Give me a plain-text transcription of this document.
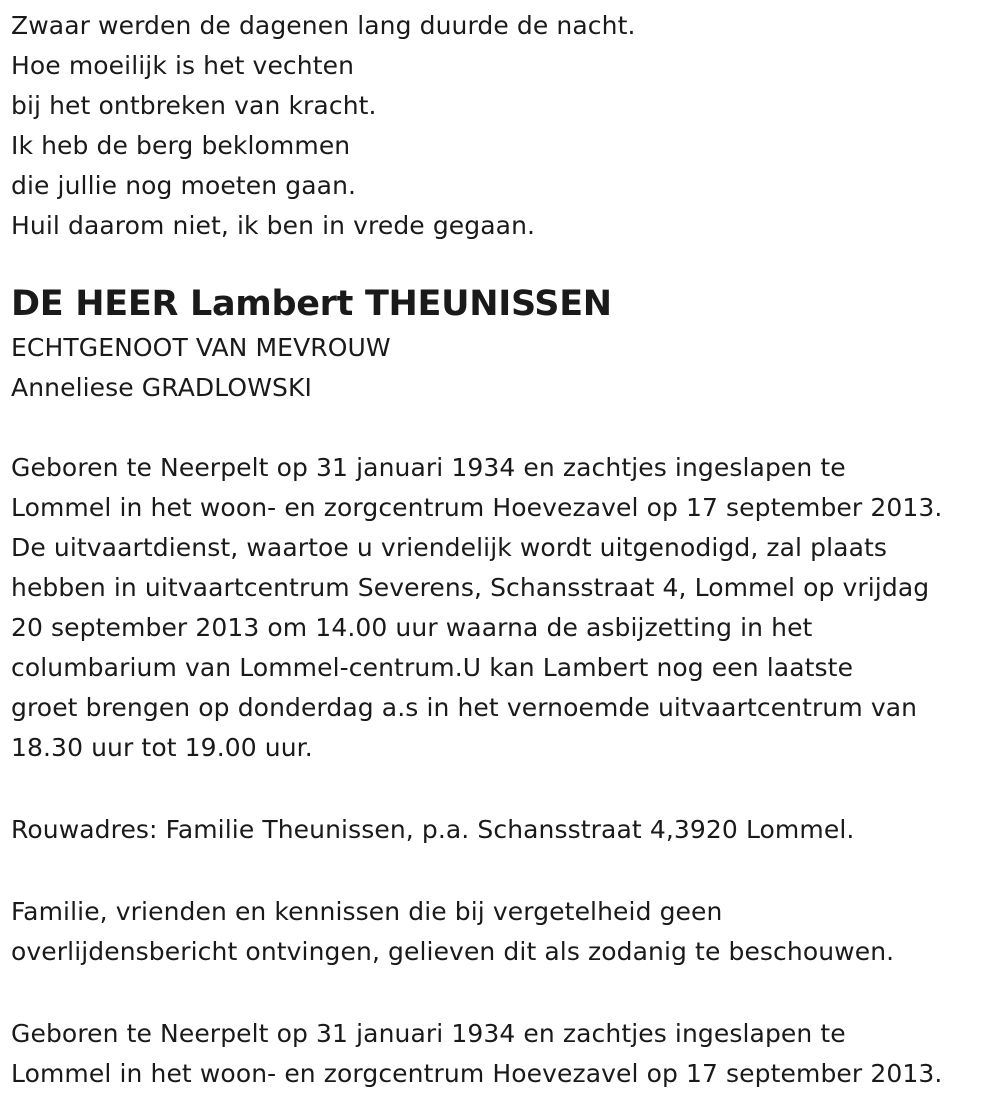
Zwaar werden de dagenen lang duurde de nacht.
Hoe moeilijk is het vechten
bij het ontbreken van kracht.
Ik heb de berg beklommen
die jullie nog moeten gaan.
Huil daarom niet, ik ben in vrede gegaan.
DE HEER Lambert THEUNISSEN
ECHTGENOOT VAN MEVROUW
Anneliese GRADLOWSKI
Geboren te Neerpelt op 31 januari 1934 en zachtjes ingeslapen te
Lommel in het woon- en zorgcentrum Hoevezavel op 17 september 2013.
De uitvaartdienst, waartoe u vriendelijk wordt uitgenodigd, zal plaats
hebben in uitvaartcentrum Severens, Schansstraat 4, Lommel op vrijdag
20 september 2013 om 14.00 uur waarna de asbijzetting in het
columbarium van Lommel-centrum.U kan Lambert nog een laatste
groet brengen op donderdag a.s in het vernoemde uitvaartcentrum van
18.30 uur tot 19.00 uur.
Rouwadres: Familie Theunissen, p.a. Schansstraat 4,3920 Lommel.
Familie, vrienden en kennissen die bij vergetelheid geen
overlijdensbericht ontvingen, gelieven dit als zodanig te beschouwen.
Geboren te Neerpelt op 31 januari 1934 en zachtjes ingeslapen te
Lommel in het woon- en zorgcentrum Hoevezavel op 17 september 2013.
